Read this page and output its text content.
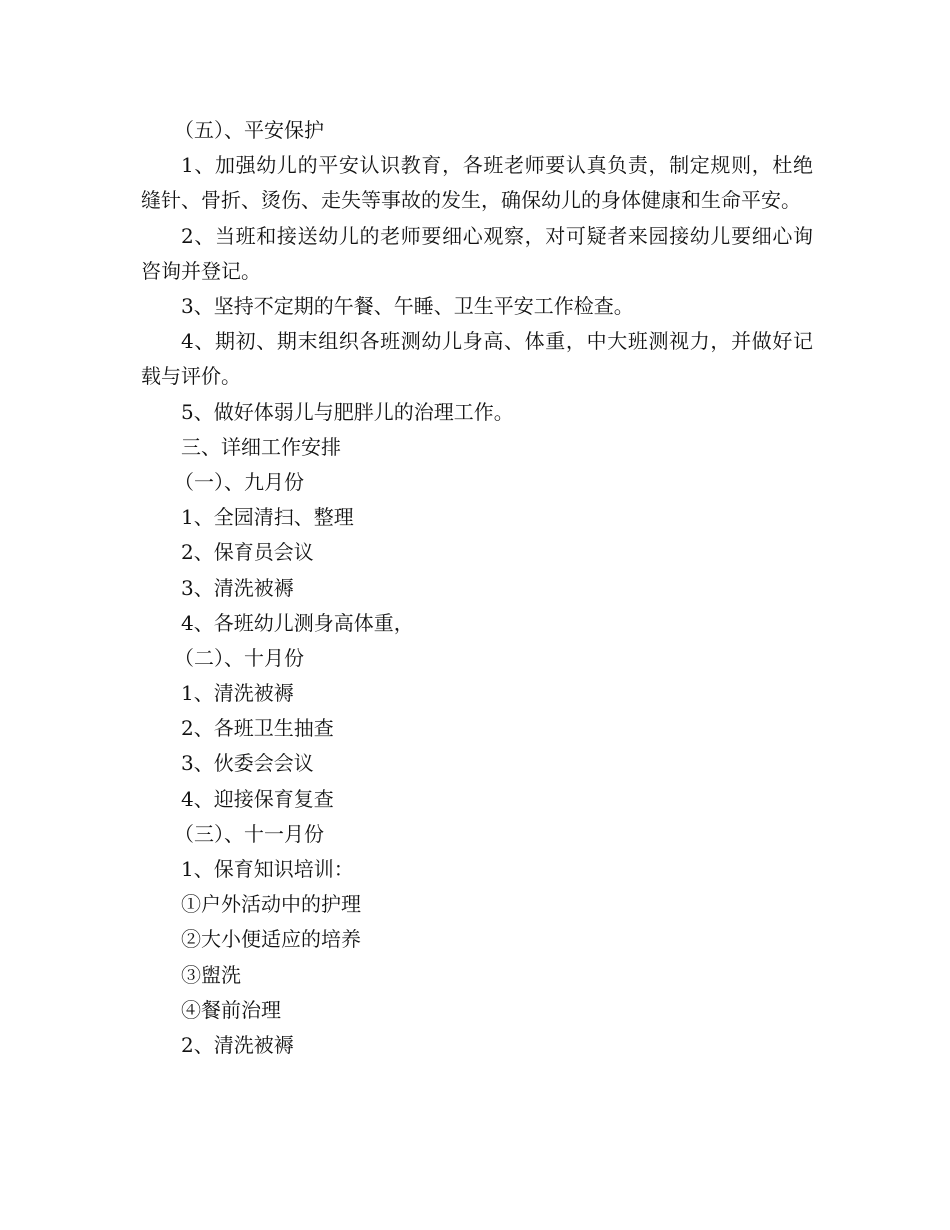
（五）、平安保护

1、加强幼儿的平安认识教育，各班老师要认真负责，制定规则，杜绝缝针、骨折、烫伤、走失等事故的发生，确保幼儿的身体健康和生命平安。

2、当班和接送幼儿的老师要细心观察，对可疑者来园接幼儿要细心询咨询并登记。

3、坚持不定期的午餐、午睡、卫生平安工作检查。

4、期初、期末组织各班测幼儿身高、体重，中大班测视力，并做好记载与评价。

5、做好体弱儿与肥胖儿的治理工作。

三、详细工作安排

（一）、九月份

1、全园清扫、整理

2、保育员会议

3、清洗被褥

4、各班幼儿测身高体重，

（二）、十月份

1、清洗被褥

2、各班卫生抽查

3、伙委会会议

4、迎接保育复查

（三）、十一月份

1、保育知识培训：

①户外活动中的护理

②大小便适应的培养

③盥洗

④餐前治理

2、清洗被褥
